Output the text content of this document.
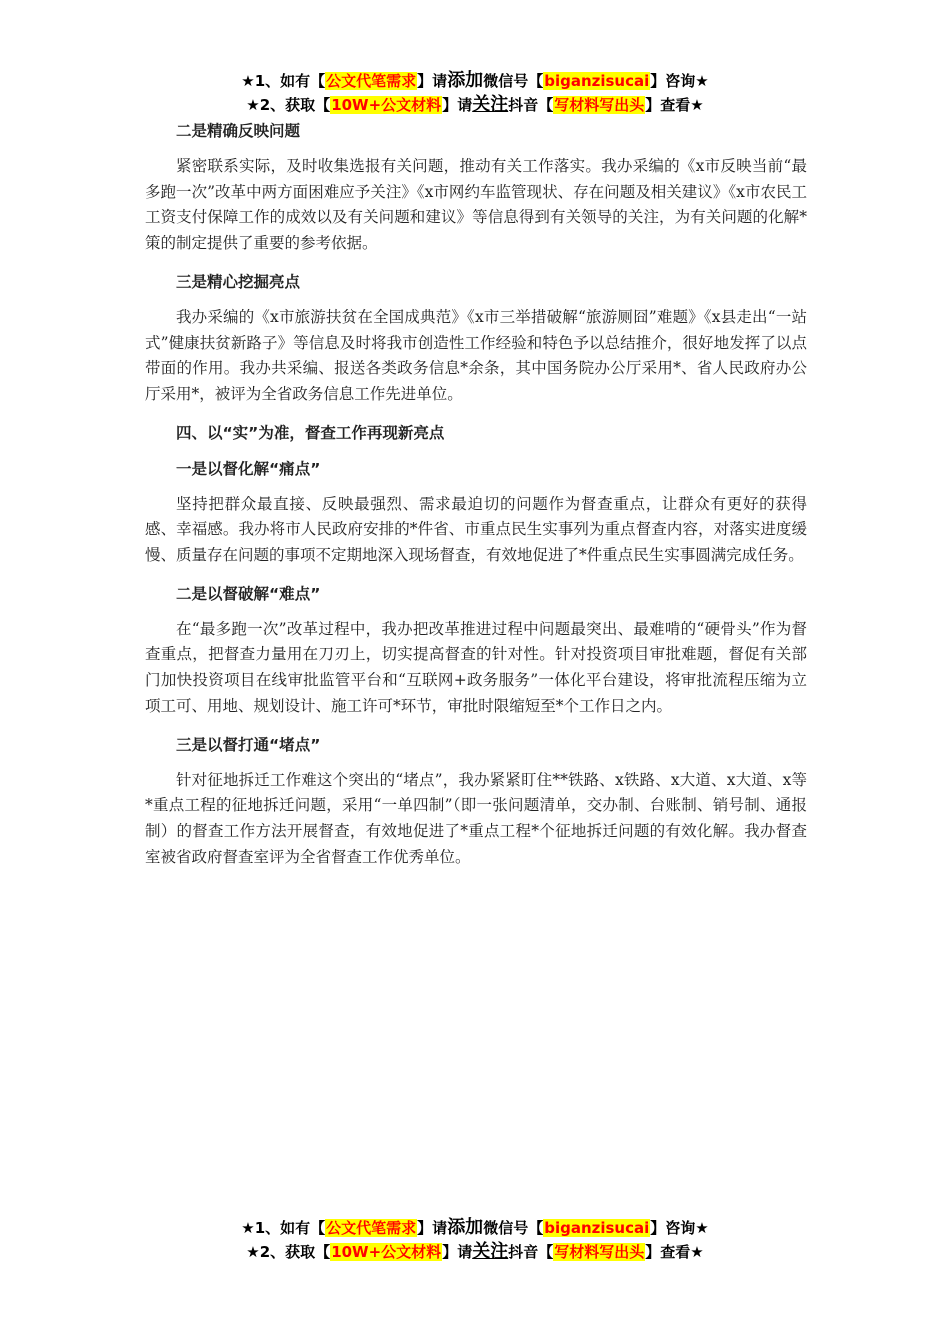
★1、如有【公文代笔需求】请添加微信号【biganzisucai】咨询★
★2、获取【10W+公文材料】请关注抖音【写材料写出头】查看★
二是精确反映问题
紧密联系实际，及时收集选报有关问题，推动有关工作落实。我办采编的《x市反映当前“最多跑一次”改革中两方面困难应予关注》《x市网约车监管现状、存在问题及相关建议》《x市农民工工资支付保障工作的成效以及有关问题和建议》等信息得到有关领导的关注，为有关问题的化解*策的制定提供了重要的参考依据。
三是精心挖掘亮点
我办采编的《x市旅游扶贫在全国成典范》《x市三举措破解“旅游厕囧”难题》《x县走出“一站式”健康扶贫新路子》等信息及时将我市创造性工作经验和特色予以总结推介，很好地发挥了以点带面的作用。我办共采编、报送各类政务信息*余条，其中国务院办公厅采用*、省人民政府办公厅采用*，被评为全省政务信息工作先进单位。
四、以“实”为准，督查工作再现新亮点
一是以督化解“痛点”
坚持把群众最直接、反映最强烈、需求最迫切的问题作为督查重点，让群众有更好的获得感、幸福感。我办将市人民政府安排的*件省、市重点民生实事列为重点督查内容，对落实进度缓慢、质量存在问题的事项不定期地深入现场督查，有效地促进了*件重点民生实事圆满完成任务。
二是以督破解“难点”
在“最多跑一次”改革过程中，我办把改革推进过程中问题最突出、最难啃的“硬骨头”作为督查重点，把督查力量用在刀刃上，切实提高督查的针对性。针对投资项目审批难题，督促有关部门加快投资项目在线审批监管平台和“互联网+政务服务”一体化平台建设，将审批流程压缩为立项工可、用地、规划设计、施工许可*环节，审批时限缩短至*个工作日之内。
三是以督打通“堵点”
针对征地拆迁工作难这个突出的“堵点”，我办紧紧盯住**铁路、x铁路、x大道、x大道、x等*重点工程的征地拆迁问题，采用“一单四制”（即一张问题清单，交办制、台账制、销号制、通报制）的督查工作方法开展督查，有效地促进了*重点工程*个征地拆迁问题的有效化解。我办督查室被省政府督查室评为全省督查工作优秀单位。
★1、如有【公文代笔需求】请添加微信号【biganzisucai】咨询★
★2、获取【10W+公文材料】请关注抖音【写材料写出头】查看★
